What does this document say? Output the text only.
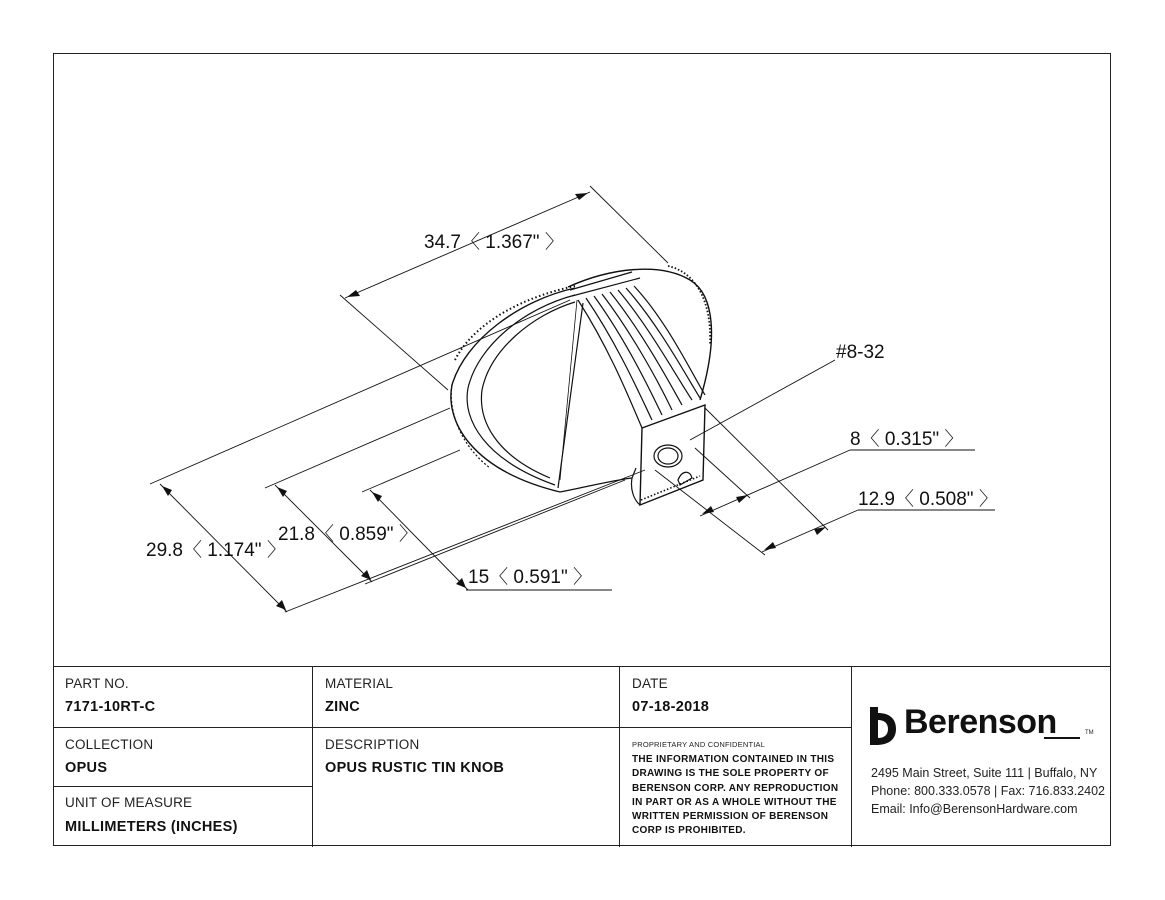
34.7〈 1.367" 〉
29.8〈 1.174" 〉
21.8〈 0.859" 〉
15〈 0.591" 〉
#8-32
8〈 0.315" 〉
12.9〈 0.508" 〉
PART NO.
7171-10RT-C
MATERIAL
ZINC
DATE
07-18-2018
COLLECTION
OPUS
DESCRIPTION
OPUS RUSTIC TIN KNOB
UNIT OF MEASURE
MILLIMETERS (INCHES)
PROPRIETARY AND CONFIDENTIAL
THE INFORMATION CONTAINED IN THIS DRAWING IS THE SOLE PROPERTY OF BERENSON CORP. ANY REPRODUCTION IN PART OR AS A WHOLE WITHOUT THE WRITTEN PERMISSION OF BERENSON CORP IS PROHIBITED.
Berenson	TM
2495 Main Street, Suite 111 | Buffalo, NY
Phone: 800.333.0578 | Fax: 716.833.2402
Email: Info@BerensonHardware.com
